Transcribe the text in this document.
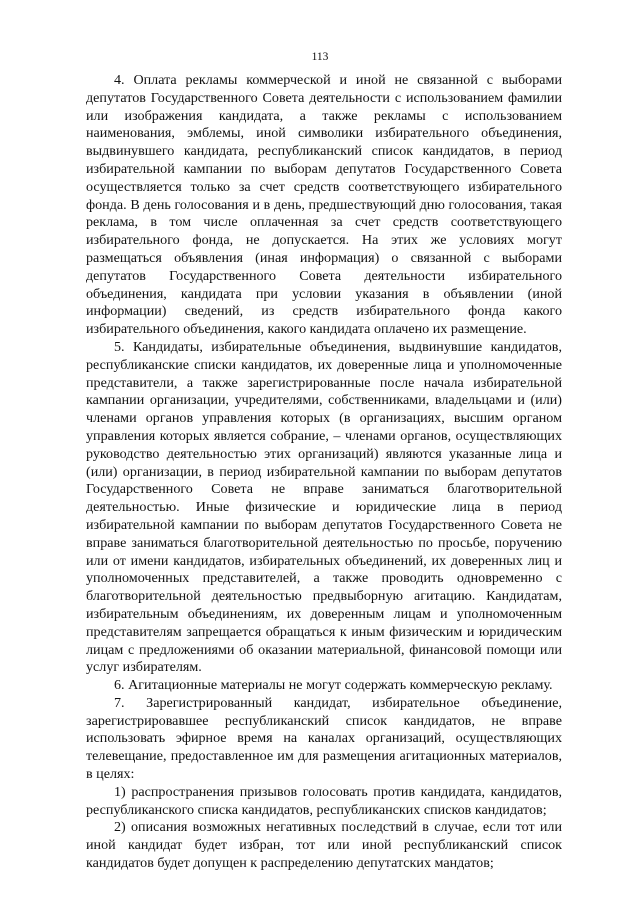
113

4. Оплата рекламы коммерческой и иной не связанной с выборами депутатов Государственного Совета деятельности с использованием фамилии или изображения кандидата, а также рекламы с использованием наименования, эмблемы, иной символики избирательного объединения, выдвинувшего кандидата, республиканский список кандидатов, в период избирательной кампании по выборам депутатов Государственного Совета осуществляется только за счет средств соответствующего избирательного фонда. В день голосования и в день, предшествующий дню голосования, такая реклама, в том числе оплаченная за счет средств соответствующего избирательного фонда, не допускается. На этих же условиях могут размещаться объявления (иная информация) о связанной с выборами депутатов Государственного Совета деятельности избирательного объединения, кандидата при условии указания в объявлении (иной информации) сведений, из средств избирательного фонда какого избирательного объединения, какого кандидата оплачено их размещение.

5. Кандидаты, избирательные объединения, выдвинувшие кандидатов, республиканские списки кандидатов, их доверенные лица и уполномоченные представители, а также зарегистрированные после начала избирательной кампании организации, учредителями, собственниками, владельцами и (или) членами органов управления которых (в организациях, высшим органом управления которых является собрание, – членами органов, осуществляющих руководство деятельностью этих организаций) являются указанные лица и (или) организации, в период избирательной кампании по выборам депутатов Государственного Совета не вправе заниматься благотворительной деятельностью. Иные физические и юридические лица в период избирательной кампании по выборам депутатов Государственного Совета не вправе заниматься благотворительной деятельностью по просьбе, поручению или от имени кандидатов, избирательных объединений, их доверенных лиц и уполномоченных представителей, а также проводить одновременно с благотворительной деятельностью предвыборную агитацию. Кандидатам, избирательным объединениям, их доверенным лицам и уполномоченным представителям запрещается обращаться к иным физическим и юридическим лицам с предложениями об оказании материальной, финансовой помощи или услуг избирателям.

6. Агитационные материалы не могут содержать коммерческую рекламу.

7. Зарегистрированный кандидат, избирательное объединение, зарегистрировавшее республиканский список кандидатов, не вправе использовать эфирное время на каналах организаций, осуществляющих телевещание, предоставленное им для размещения агитационных материалов, в целях:

1) распространения призывов голосовать против кандидата, кандидатов, республиканского списка кандидатов, республиканских списков кандидатов;

2) описания возможных негативных последствий в случае, если тот или иной кандидат будет избран, тот или иной республиканский список кандидатов будет допущен к распределению депутатских мандатов;
